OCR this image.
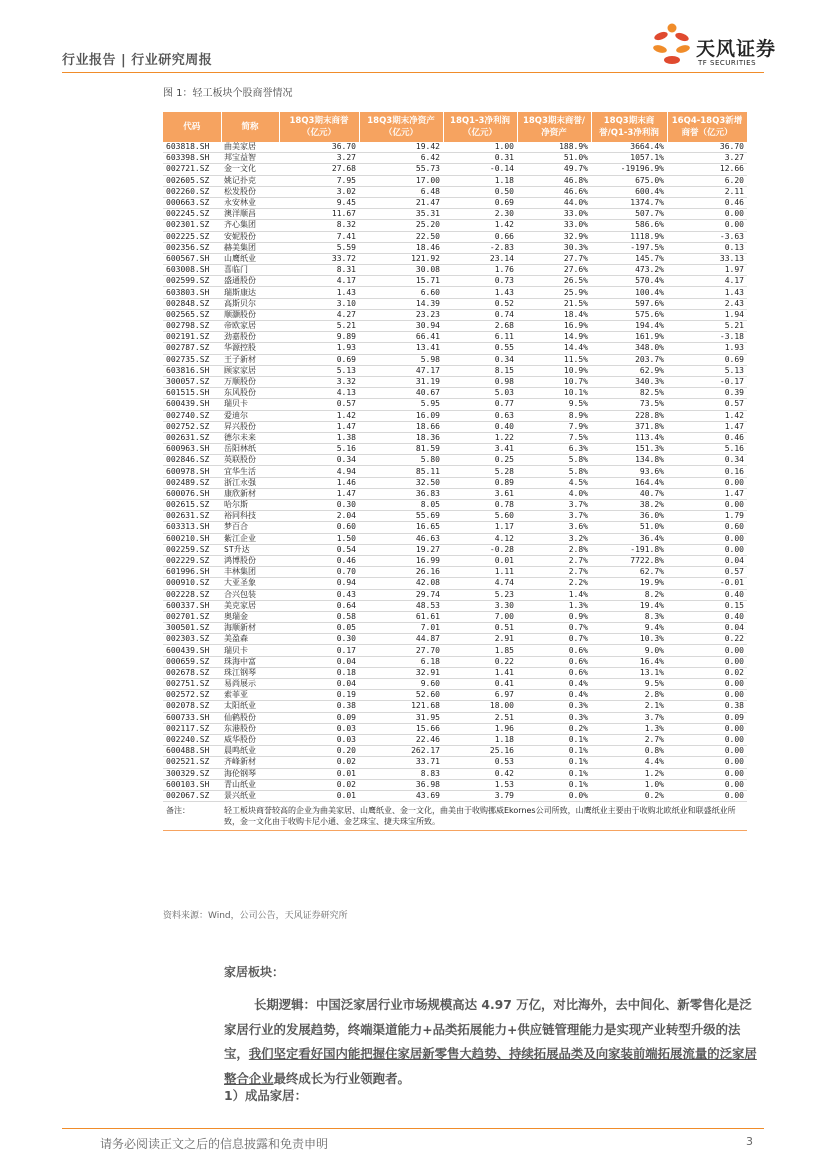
行业报告 | 行业研究周报
天风证券
TF SECURITIES
图 1：轻工板块个股商誉情况
代码	简称	18Q3期末商誉（亿元）	18Q3期末净资产（亿元）	18Q1-3净利润（亿元）	18Q3期末商誉/净资产	18Q3期末商誉/Q1-3净利润	16Q4-18Q3新增商誉（亿元）
603818.SH	曲美家居	36.70	19.42	1.00	188.9%	3664.4%	36.70
603398.SH	邦宝益智	3.27	6.42	0.31	51.0%	1057.1%	3.27
002721.SZ	金一文化	27.68	55.73	-0.14	49.7%	-19196.9%	12.66
002605.SZ	姚记扑克	7.95	17.00	1.18	46.8%	675.0%	6.20
002260.SZ	松发股份	3.02	6.48	0.50	46.6%	600.4%	2.11
000663.SZ	永安林业	9.45	21.47	0.69	44.0%	1374.7%	0.46
002245.SZ	澳洋顺昌	11.67	35.31	2.30	33.0%	507.7%	0.00
002301.SZ	齐心集团	8.32	25.20	1.42	33.0%	586.6%	0.00
002225.SZ	安妮股份	7.41	22.50	0.66	32.9%	1118.9%	-3.63
002356.SZ	赫美集团	5.59	18.46	-2.83	30.3%	-197.5%	0.13
600567.SH	山鹰纸业	33.72	121.92	23.14	27.7%	145.7%	33.13
603008.SH	喜临门	8.31	30.08	1.76	27.6%	473.2%	1.97
002599.SZ	盛通股份	4.17	15.71	0.73	26.5%	570.4%	4.17
603803.SH	瑞斯康达	1.43	6.60	1.43	25.9%	100.4%	1.43
002848.SZ	高斯贝尔	3.10	14.39	0.52	21.5%	597.6%	2.43
002565.SZ	顺灏股份	4.27	23.23	0.74	18.4%	575.6%	1.94
002798.SZ	帝欧家居	5.21	30.94	2.68	16.9%	194.4%	5.21
002191.SZ	劲嘉股份	9.89	66.41	6.11	14.9%	161.9%	-3.18
002787.SZ	华源控股	1.93	13.41	0.55	14.4%	348.0%	1.93
002735.SZ	王子新材	0.69	5.98	0.34	11.5%	203.7%	0.69
603816.SH	顾家家居	5.13	47.17	8.15	10.9%	62.9%	5.13
300057.SZ	万顺股份	3.32	31.19	0.98	10.7%	340.3%	-0.17
601515.SH	东风股份	4.13	40.67	5.03	10.1%	82.5%	0.39
600439.SH	瑞贝卡	0.57	5.95	0.77	9.5%	73.5%	0.57
002740.SZ	爱迪尔	1.42	16.09	0.63	8.9%	228.8%	1.42
002752.SZ	昇兴股份	1.47	18.66	0.40	7.9%	371.8%	1.47
002631.SZ	德尔未来	1.38	18.36	1.22	7.5%	113.4%	0.46
600963.SH	岳阳林纸	5.16	81.59	3.41	6.3%	151.3%	5.16
002846.SZ	英联股份	0.34	5.80	0.25	5.8%	134.8%	0.34
600978.SH	宜华生活	4.94	85.11	5.28	5.8%	93.6%	0.16
002489.SZ	浙江永强	1.46	32.50	0.89	4.5%	164.4%	0.00
600076.SH	康欣新材	1.47	36.83	3.61	4.0%	40.7%	1.47
002615.SZ	哈尔斯	0.30	8.05	0.78	3.7%	38.2%	0.00
002631.SZ	裕同科技	2.04	55.69	5.60	3.7%	36.0%	1.79
603313.SH	梦百合	0.60	16.65	1.17	3.6%	51.0%	0.60
600210.SH	紫江企业	1.50	46.63	4.12	3.2%	36.4%	0.00
002259.SZ	ST升达	0.54	19.27	-0.28	2.8%	-191.8%	0.00
002229.SZ	鸿博股份	0.46	16.99	0.01	2.7%	7722.8%	0.04
601996.SH	丰林集团	0.70	26.16	1.11	2.7%	62.7%	0.57
000910.SZ	大亚圣象	0.94	42.08	4.74	2.2%	19.9%	-0.01
002228.SZ	合兴包装	0.43	29.74	5.23	1.4%	8.2%	0.40
600337.SH	美克家居	0.64	48.53	3.30	1.3%	19.4%	0.15
002701.SZ	奥瑞金	0.58	61.61	7.00	0.9%	8.3%	0.40
300501.SZ	海顺新材	0.05	7.01	0.51	0.7%	9.4%	0.04
002303.SZ	美盈森	0.30	44.87	2.91	0.7%	10.3%	0.22
600439.SH	瑞贝卡	0.17	27.70	1.85	0.6%	9.0%	0.00
000659.SZ	珠海中富	0.04	6.18	0.22	0.6%	16.4%	0.00
002678.SZ	珠江钢琴	0.18	32.91	1.41	0.6%	13.1%	0.02
002751.SZ	易尚展示	0.04	9.60	0.41	0.4%	9.5%	0.00
002572.SZ	索菲亚	0.19	52.60	6.97	0.4%	2.8%	0.00
002078.SZ	太阳纸业	0.38	121.68	18.00	0.3%	2.1%	0.38
600733.SH	仙鹤股份	0.09	31.95	2.51	0.3%	3.7%	0.09
002117.SZ	东港股份	0.03	15.66	1.96	0.2%	1.3%	0.00
002240.SZ	威华股份	0.03	22.46	1.18	0.1%	2.7%	0.00
600488.SH	晨鸣纸业	0.20	262.17	25.16	0.1%	0.8%	0.00
002521.SZ	齐峰新材	0.02	33.71	0.53	0.1%	4.4%	0.00
300329.SZ	海伦钢琴	0.01	8.83	0.42	0.1%	1.2%	0.00
600103.SH	青山纸业	0.02	36.98	1.53	0.1%	1.0%	0.00
002067.SZ	景兴纸业	0.01	43.69	3.79	0.0%	0.2%	0.00
备注：	轻工板块商誉较高的企业为曲美家居、山鹰纸业、金一文化，曲美由于收购挪威Ekornes公司所致，山鹰纸业主要由于收购北欧纸业和联盛纸业所致，金一文化由于收购卡尼小通、金艺珠宝、捷夫珠宝所致。						
资料来源：Wind，公司公告，天风证券研究所
家居板块：
长期逻辑：中国泛家居行业市场规模高达 4.97 万亿，对比海外，去中间化、新零售化是泛家居行业的发展趋势，终端渠道能力+品类拓展能力+供应链管理能力是实现产业转型升级的法宝，我们坚定看好国内能把握住家居新零售大趋势、持续拓展品类及向家装前端拓展流量的泛家居整合企业最终成长为行业领跑者。
1）成品家居：
请务必阅读正文之后的信息披露和免责申明	3
